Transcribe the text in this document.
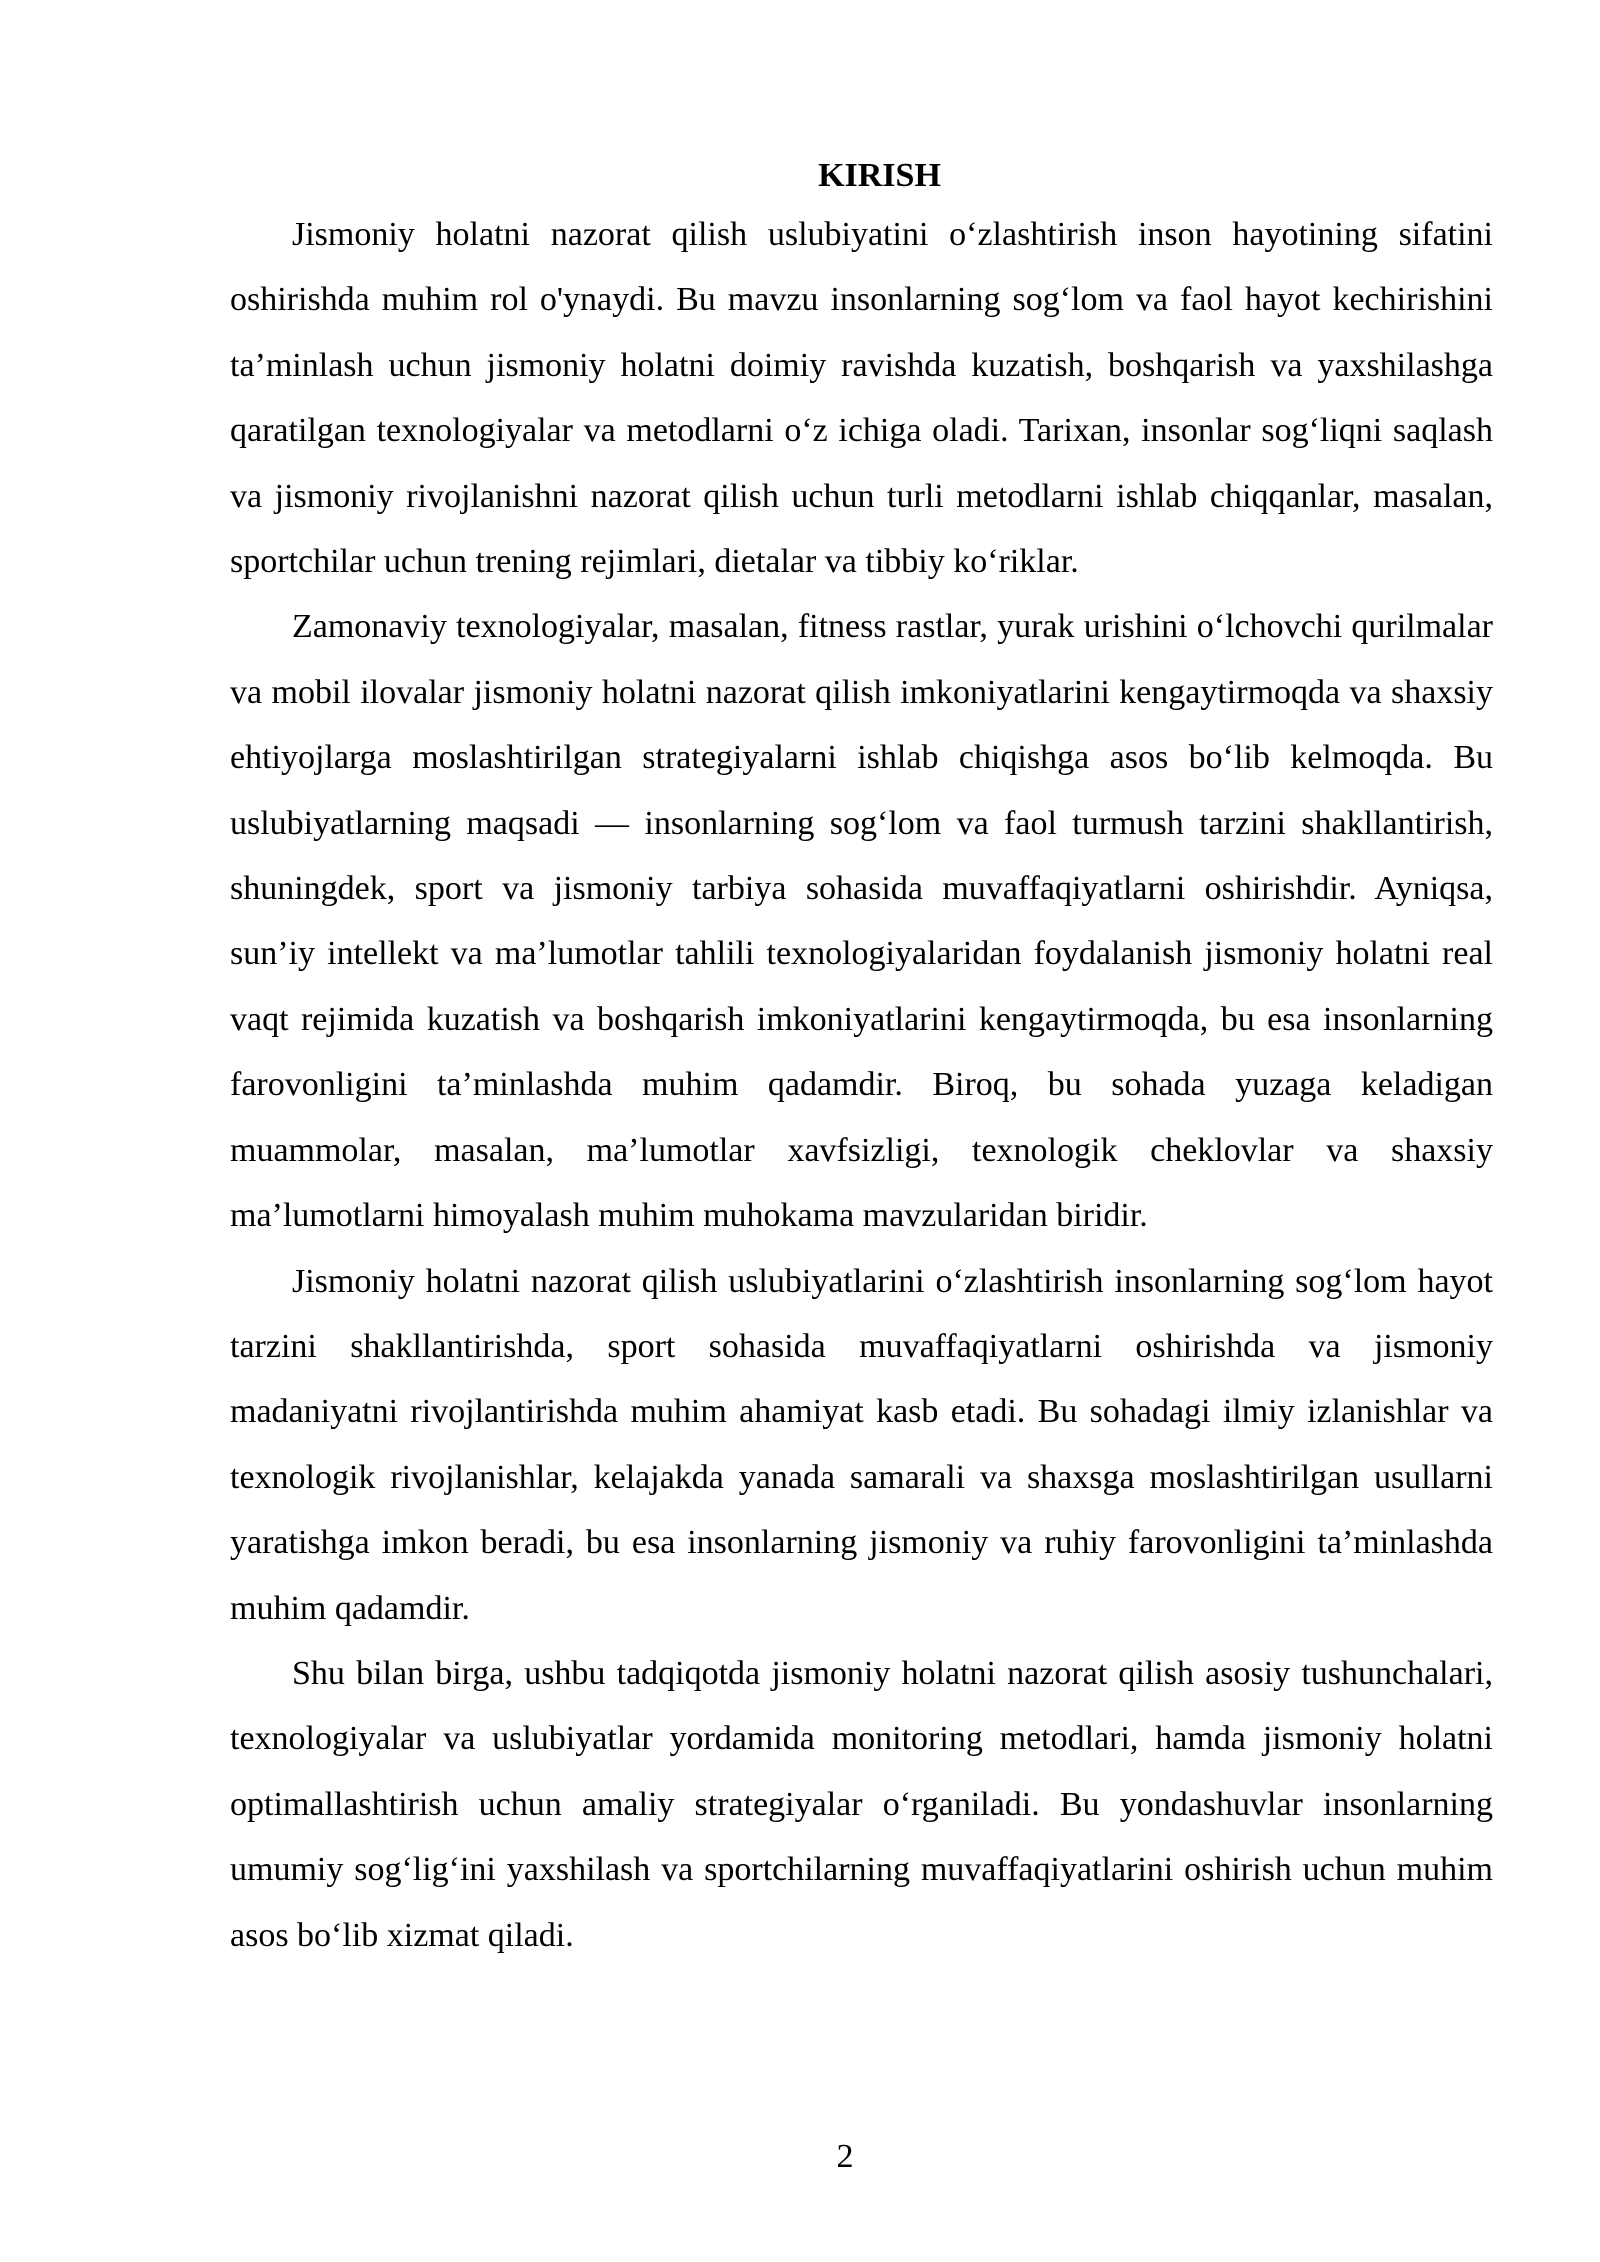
KIRISH

Jismoniy holatni nazorat qilish uslubiyatini o‘zlashtirish inson hayotining sifatini oshirishda muhim rol o'ynaydi. Bu mavzu insonlarning sog‘lom va faol hayot kechirishini ta’minlash uchun jismoniy holatni doimiy ravishda kuzatish, boshqarish va yaxshilashga qaratilgan texnologiyalar va metodlarni o‘z ichiga oladi. Tarixan, insonlar sog‘liqni saqlash va jismoniy rivojlanishni nazorat qilish uchun turli metodlarni ishlab chiqqanlar, masalan, sportchilar uchun trening rejimlari, dietalar va tibbiy ko‘riklar.

Zamonaviy texnologiyalar, masalan, fitness rastlar, yurak urishini o‘lchovchi qurilmalar va mobil ilovalar jismoniy holatni nazorat qilish imkoniyatlarini kengaytirmoqda va shaxsiy ehtiyojlarga moslashtirilgan strategiyalarni ishlab chiqishga asos bo‘lib kelmoqda. Bu uslubiyatlarning maqsadi — insonlarning sog‘lom va faol turmush tarzini shakllantirish, shuningdek, sport va jismoniy tarbiya sohasida muvaffaqiyatlarni oshirishdir. Ayniqsa, sun’iy intellekt va ma’lumotlar tahlili texnologiyalaridan foydalanish jismoniy holatni real vaqt rejimida kuzatish va boshqarish imkoniyatlarini kengaytirmoqda, bu esa insonlarning farovonligini ta’minlashda muhim qadamdir. Biroq, bu sohada yuzaga keladigan muammolar, masalan, ma’lumotlar xavfsizligi, texnologik cheklovlar va shaxsiy ma’lumotlarni himoyalash muhim muhokama mavzularidan biridir.

Jismoniy holatni nazorat qilish uslubiyatlarini o‘zlashtirish insonlarning sog‘lom hayot tarzini shakllantirishda, sport sohasida muvaffaqiyatlarni oshirishda va jismoniy madaniyatni rivojlantirishda muhim ahamiyat kasb etadi. Bu sohadagi ilmiy izlanishlar va texnologik rivojlanishlar, kelajakda yanada samarali va shaxsga moslashtirilgan usullarni yaratishga imkon beradi, bu esa insonlarning jismoniy va ruhiy farovonligini ta’minlashda muhim qadamdir.

Shu bilan birga, ushbu tadqiqotda jismoniy holatni nazorat qilish asosiy tushunchalari, texnologiyalar va uslubiyatlar yordamida monitoring metodlari, hamda jismoniy holatni optimallashtirish uchun amaliy strategiyalar o‘rganiladi. Bu yondashuvlar insonlarning umumiy sog‘lig‘ini yaxshilash va sportchilarning muvaffaqiyatlarini oshirish uchun muhim asos bo‘lib xizmat qiladi.

2
